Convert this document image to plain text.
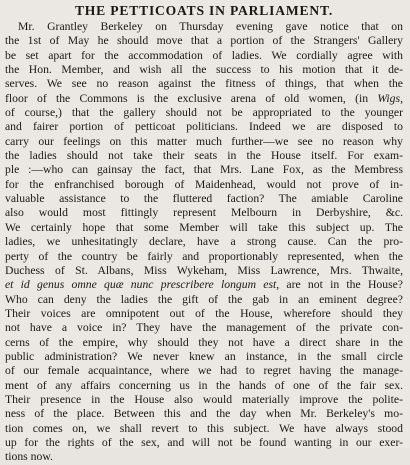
THE PETTICOATS IN PARLIAMENT.
Mr. Grantley Berkeley on Thursday evening gave notice that on
the 1st of May he should move that a portion of the Strangers' Gallery
be set apart for the accommodation of ladies. We cordially agree with
the Hon. Member, and wish all the success to his motion that it de-
serves. We see no reason against the fitness of things, that when the
floor of the Commons is the exclusive arena of old women, (in Wigs,
of course,) that the gallery should not be appropriated to the younger
and fairer portion of petticoat politicians. Indeed we are disposed to
carry our feelings on this matter much further—we see no reason why
the ladies should not take their seats in the House itself. For exam-
ple :—who can gainsay the fact, that Mrs. Lane Fox, as the Membress
for the enfranchised borough of Maidenhead, would not prove of in-
valuable assistance to the fluttered faction? The amiable Caroline
also would most fittingly represent Melbourn in Derbyshire, &c.
We certainly hope that some Member will take this subject up. The
ladies, we unhesitatingly declare, have a strong cause. Can the pro-
perty of the country be fairly and proportionably represented, when the
Duchess of St. Albans, Miss Wykeham, Miss Lawrence, Mrs. Thwaite,
et id genus omne quæ nunc prescribere longum est, are not in the House?
Who can deny the ladies the gift of the gab in an eminent degree?
Their voices are omnipotent out of the House, wherefore should they
not have a voice in? They have the management of the private con-
cerns of the empire, why should they not have a direct share in the
public administration? We never knew an instance, in the small circle
of our female acquaintance, where we had to regret having the manage-
ment of any affairs concerning us in the hands of one of the fair sex.
Their presence in the House also would materially improve the polite-
ness of the place. Between this and the day when Mr. Berkeley's mo-
tion comes on, we shall revert to this subject. We have always stood
up for the rights of the sex, and will not be found wanting in our exer-
tions now.
